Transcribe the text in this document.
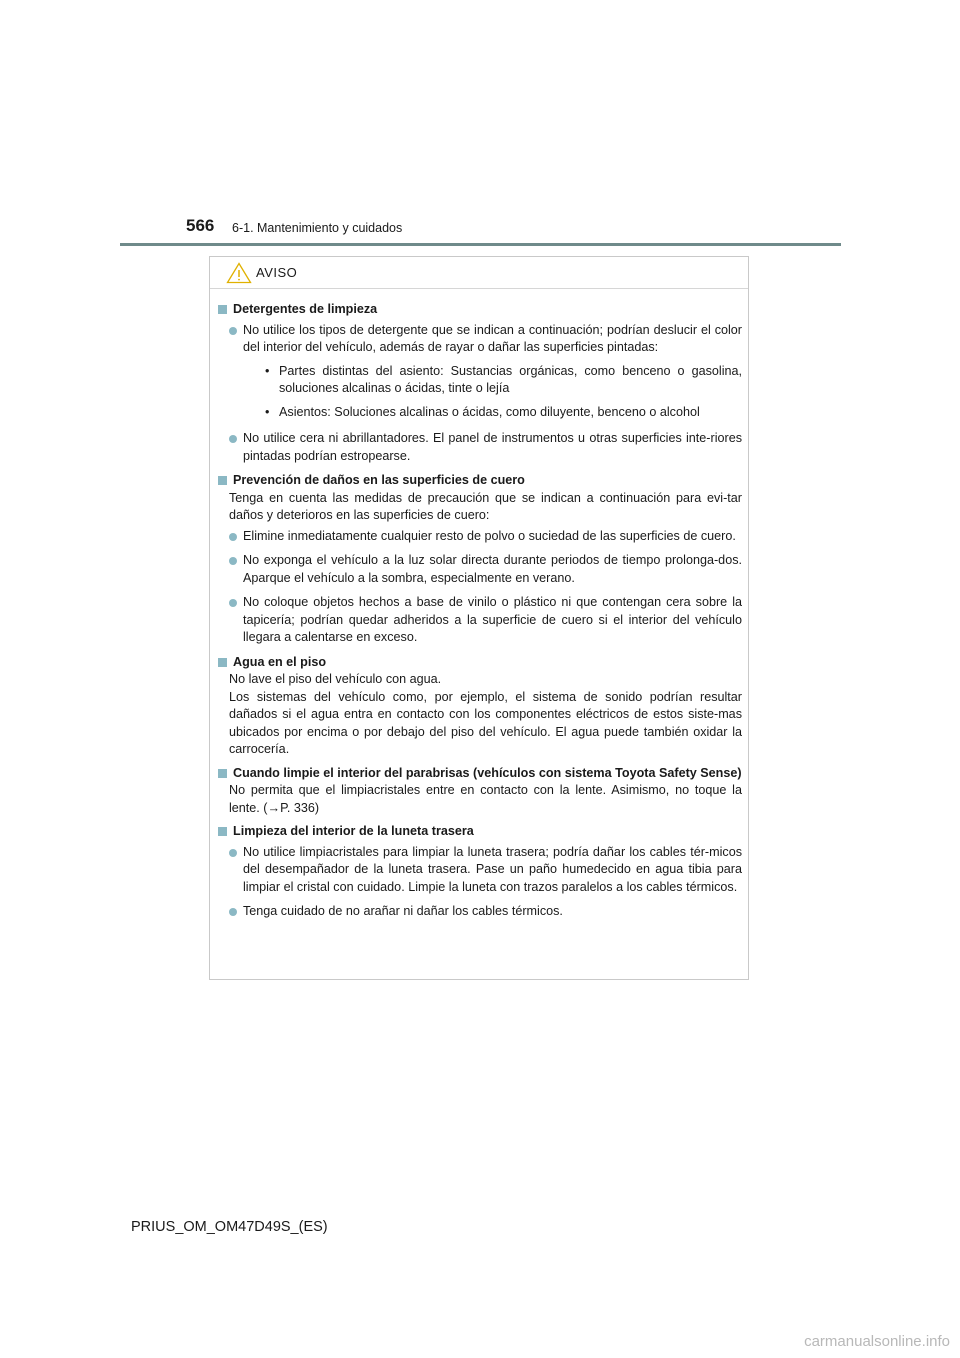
566 6-1. Mantenimiento y cuidados
AVISO
Detergentes de limpieza
No utilice los tipos de detergente que se indican a continuación; podrían deslucir el color del interior del vehículo, además de rayar o dañar las superficies pintadas:
• Partes distintas del asiento: Sustancias orgánicas, como benceno o gasolina, soluciones alcalinas o ácidas, tinte o lejía
• Asientos: Soluciones alcalinas o ácidas, como diluyente, benceno o alcohol
No utilice cera ni abrillantadores. El panel de instrumentos u otras superficies inte-riores pintadas podrían estropearse.
Prevención de daños en las superficies de cuero
Tenga en cuenta las medidas de precaución que se indican a continuación para evi-tar daños y deterioros en las superficies de cuero:
Elimine inmediatamente cualquier resto de polvo o suciedad de las superficies de cuero.
No exponga el vehículo a la luz solar directa durante periodos de tiempo prolonga-dos. Aparque el vehículo a la sombra, especialmente en verano.
No coloque objetos hechos a base de vinilo o plástico ni que contengan cera sobre la tapicería; podrían quedar adheridos a la superficie de cuero si el interior del vehículo llegara a calentarse en exceso.
Agua en el piso
No lave el piso del vehículo con agua.
Los sistemas del vehículo como, por ejemplo, el sistema de sonido podrían resultar dañados si el agua entra en contacto con los componentes eléctricos de estos siste-mas ubicados por encima o por debajo del piso del vehículo. El agua puede también oxidar la carrocería.
Cuando limpie el interior del parabrisas (vehículos con sistema Toyota Safety Sense)
No permita que el limpiacristales entre en contacto con la lente. Asimismo, no toque la lente. (→P. 336)
Limpieza del interior de la luneta trasera
No utilice limpiacristales para limpiar la luneta trasera; podría dañar los cables tér-micos del desempañador de la luneta trasera. Pase un paño humedecido en agua tibia para limpiar el cristal con cuidado. Limpie la luneta con trazos paralelos a los cables térmicos.
Tenga cuidado de no arañar ni dañar los cables térmicos.
PRIUS_OM_OM47D49S_(ES)
carmanualsonline.info
